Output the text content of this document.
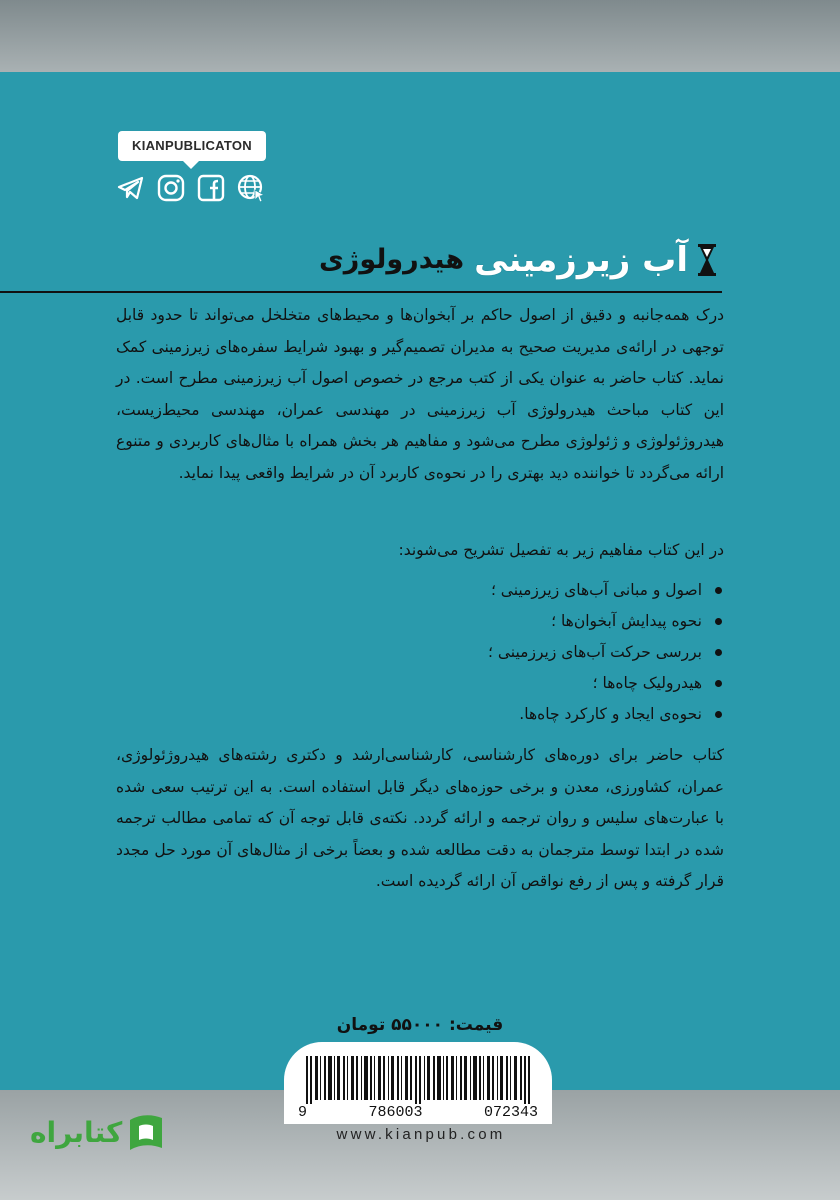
KIANPUBLICATON
آب زیرزمینی
هیدرولوژی

درک همه‌جانبه و دقیق از اصول حاکم بر آبخوان‌ها و محیط‌های متخلخل می‌تواند تا حدود قابل توجهی در ارائه‌ی مدیریت صحیح به مدیران تصمیم‌گیر و بهبود شرایط سفره‌های زیرزمینی کمک نماید. کتاب حاضر به عنوان یکی از کتب مرجع در خصوص اصول آب زیرزمینی مطرح است. در این کتاب مباحث هیدرولوژی آب زیرزمینی در مهندسی عمران، مهندسی محیط‌زیست، هیدروژئولوژی و ژئولوژی مطرح می‌شود و مفاهیم هر بخش همراه با مثال‌های کاربردی و متنوع ارائه می‌گردد تا خواننده دید بهتری را در نحوه‌ی کاربرد آن در شرایط واقعی پیدا نماید.

در این کتاب مفاهیم زیر به تفصیل تشریح می‌شوند:

اصول و مبانی آب‌های زیرزمینی ؛
نحوه پیدایش آبخوان‌ها ؛
بررسی حرکت آب‌های زیرزمینی ؛
هیدرولیک چاه‌ها ؛
نحوه‌ی ایجاد و کارکرد چاه‌ها.

کتاب حاضر برای دوره‌های کارشناسی، کارشناسی‌ارشد و دکتری رشته‌های هیدروژئولوژی، عمران، کشاورزی، معدن و برخی حوزه‌های دیگر قابل استفاده است. به این ترتیب سعی شده با عبارت‌های سلیس و روان ترجمه و ارائه گردد. نکته‌ی قابل توجه آن که تمامی مطالب ترجمه شده در ابتدا توسط مترجمان به دقت مطالعه شده و بعضاً برخی از مثال‌های آن مورد حل مجدد قرار گرفته و پس از رفع نواقص آن ارائه گردیده است.

قیمت: ۵۵۰۰۰ تومان
9	786003	072343
www.kianpub.com
کتابراه
